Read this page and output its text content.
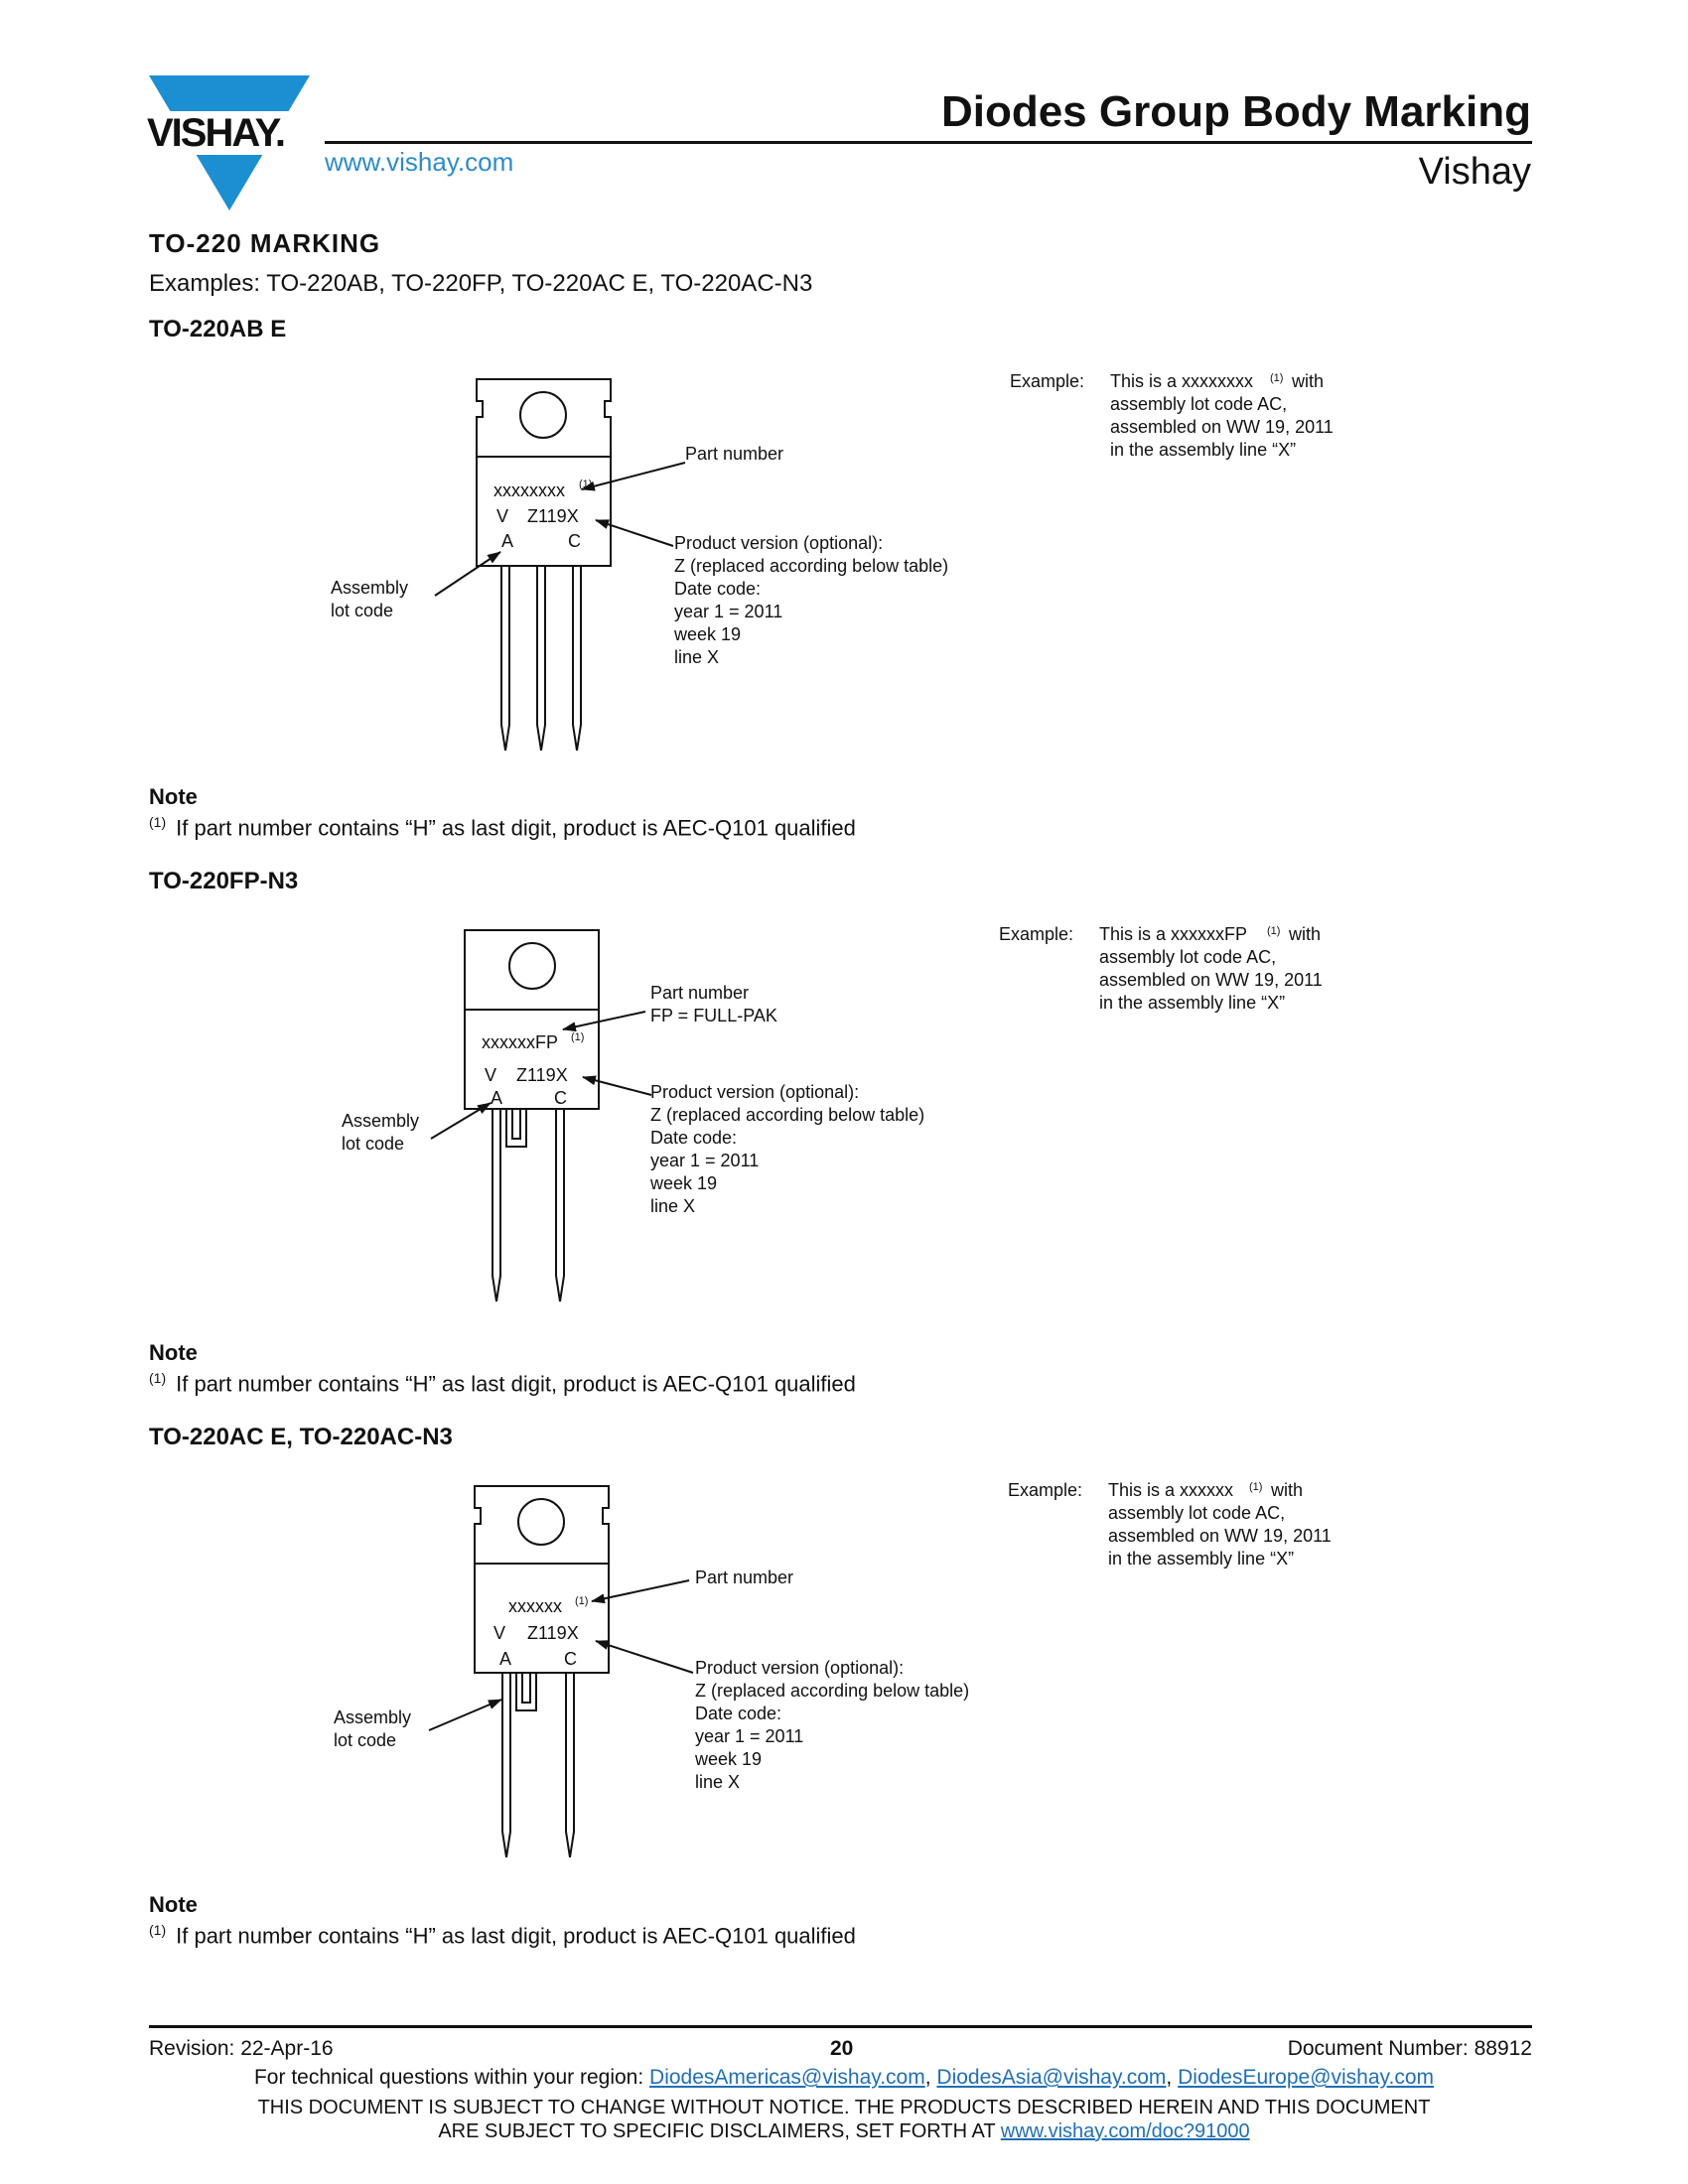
VISHAY.
www.vishay.com
Diodes Group Body Marking
Vishay
TO-220 MARKING
Examples: TO-220AB, TO-220FP, TO-220AC E, TO-220AC-N3
TO-220AB E
xxxxxxxx (1)
V Z119X
A	C
Assembly
lot code
Part number
Product version (optional):
Z (replaced according below table)
Date code:
year 1 = 2011
week 19
line X
Example: This is a xxxxxxxx (1) with
assembly lot code AC,
assembled on WW 19, 2011
in the assembly line “X”
Note
$^{(1)}$ If part number contains “H” as last digit, product is AEC-Q101 qualified
TO-220FP-N3
xxxxxxFP (1)
V Z119X
A	C
Assembly
lot code
Part number
FP = FULL-PAK
Product version (optional):
Z (replaced according below table)
Date code:
year 1 = 2011
week 19
line X
Example: This is a xxxxxxFP (1) with
assembly lot code AC,
assembled on WW 19, 2011
in the assembly line “X”
Note
$^{(1)}$ If part number contains “H” as last digit, product is AEC-Q101 qualified
TO-220AC E, TO-220AC-N3
xxxxxx (1)
V Z119X
A	C
Assembly
lot code
Part number
Product version (optional):
Z (replaced according below table)
Date code:
year 1 = 2011
week 19
line X
Example: This is a xxxxxx (1) with
assembly lot code AC,
assembled on WW 19, 2011
in the assembly line “X”
Note
$^{(1)}$ If part number contains “H” as last digit, product is AEC-Q101 qualified
Revision: 22-Apr-16	20	Document Number: 88912
For technical questions within your region: DiodesAmericas@vishay.com, DiodesAsia@vishay.com, DiodesEurope@vishay.com
THIS DOCUMENT IS SUBJECT TO CHANGE WITHOUT NOTICE. THE PRODUCTS DESCRIBED HEREIN AND THIS DOCUMENT
ARE SUBJECT TO SPECIFIC DISCLAIMERS, SET FORTH AT www.vishay.com/doc?91000
